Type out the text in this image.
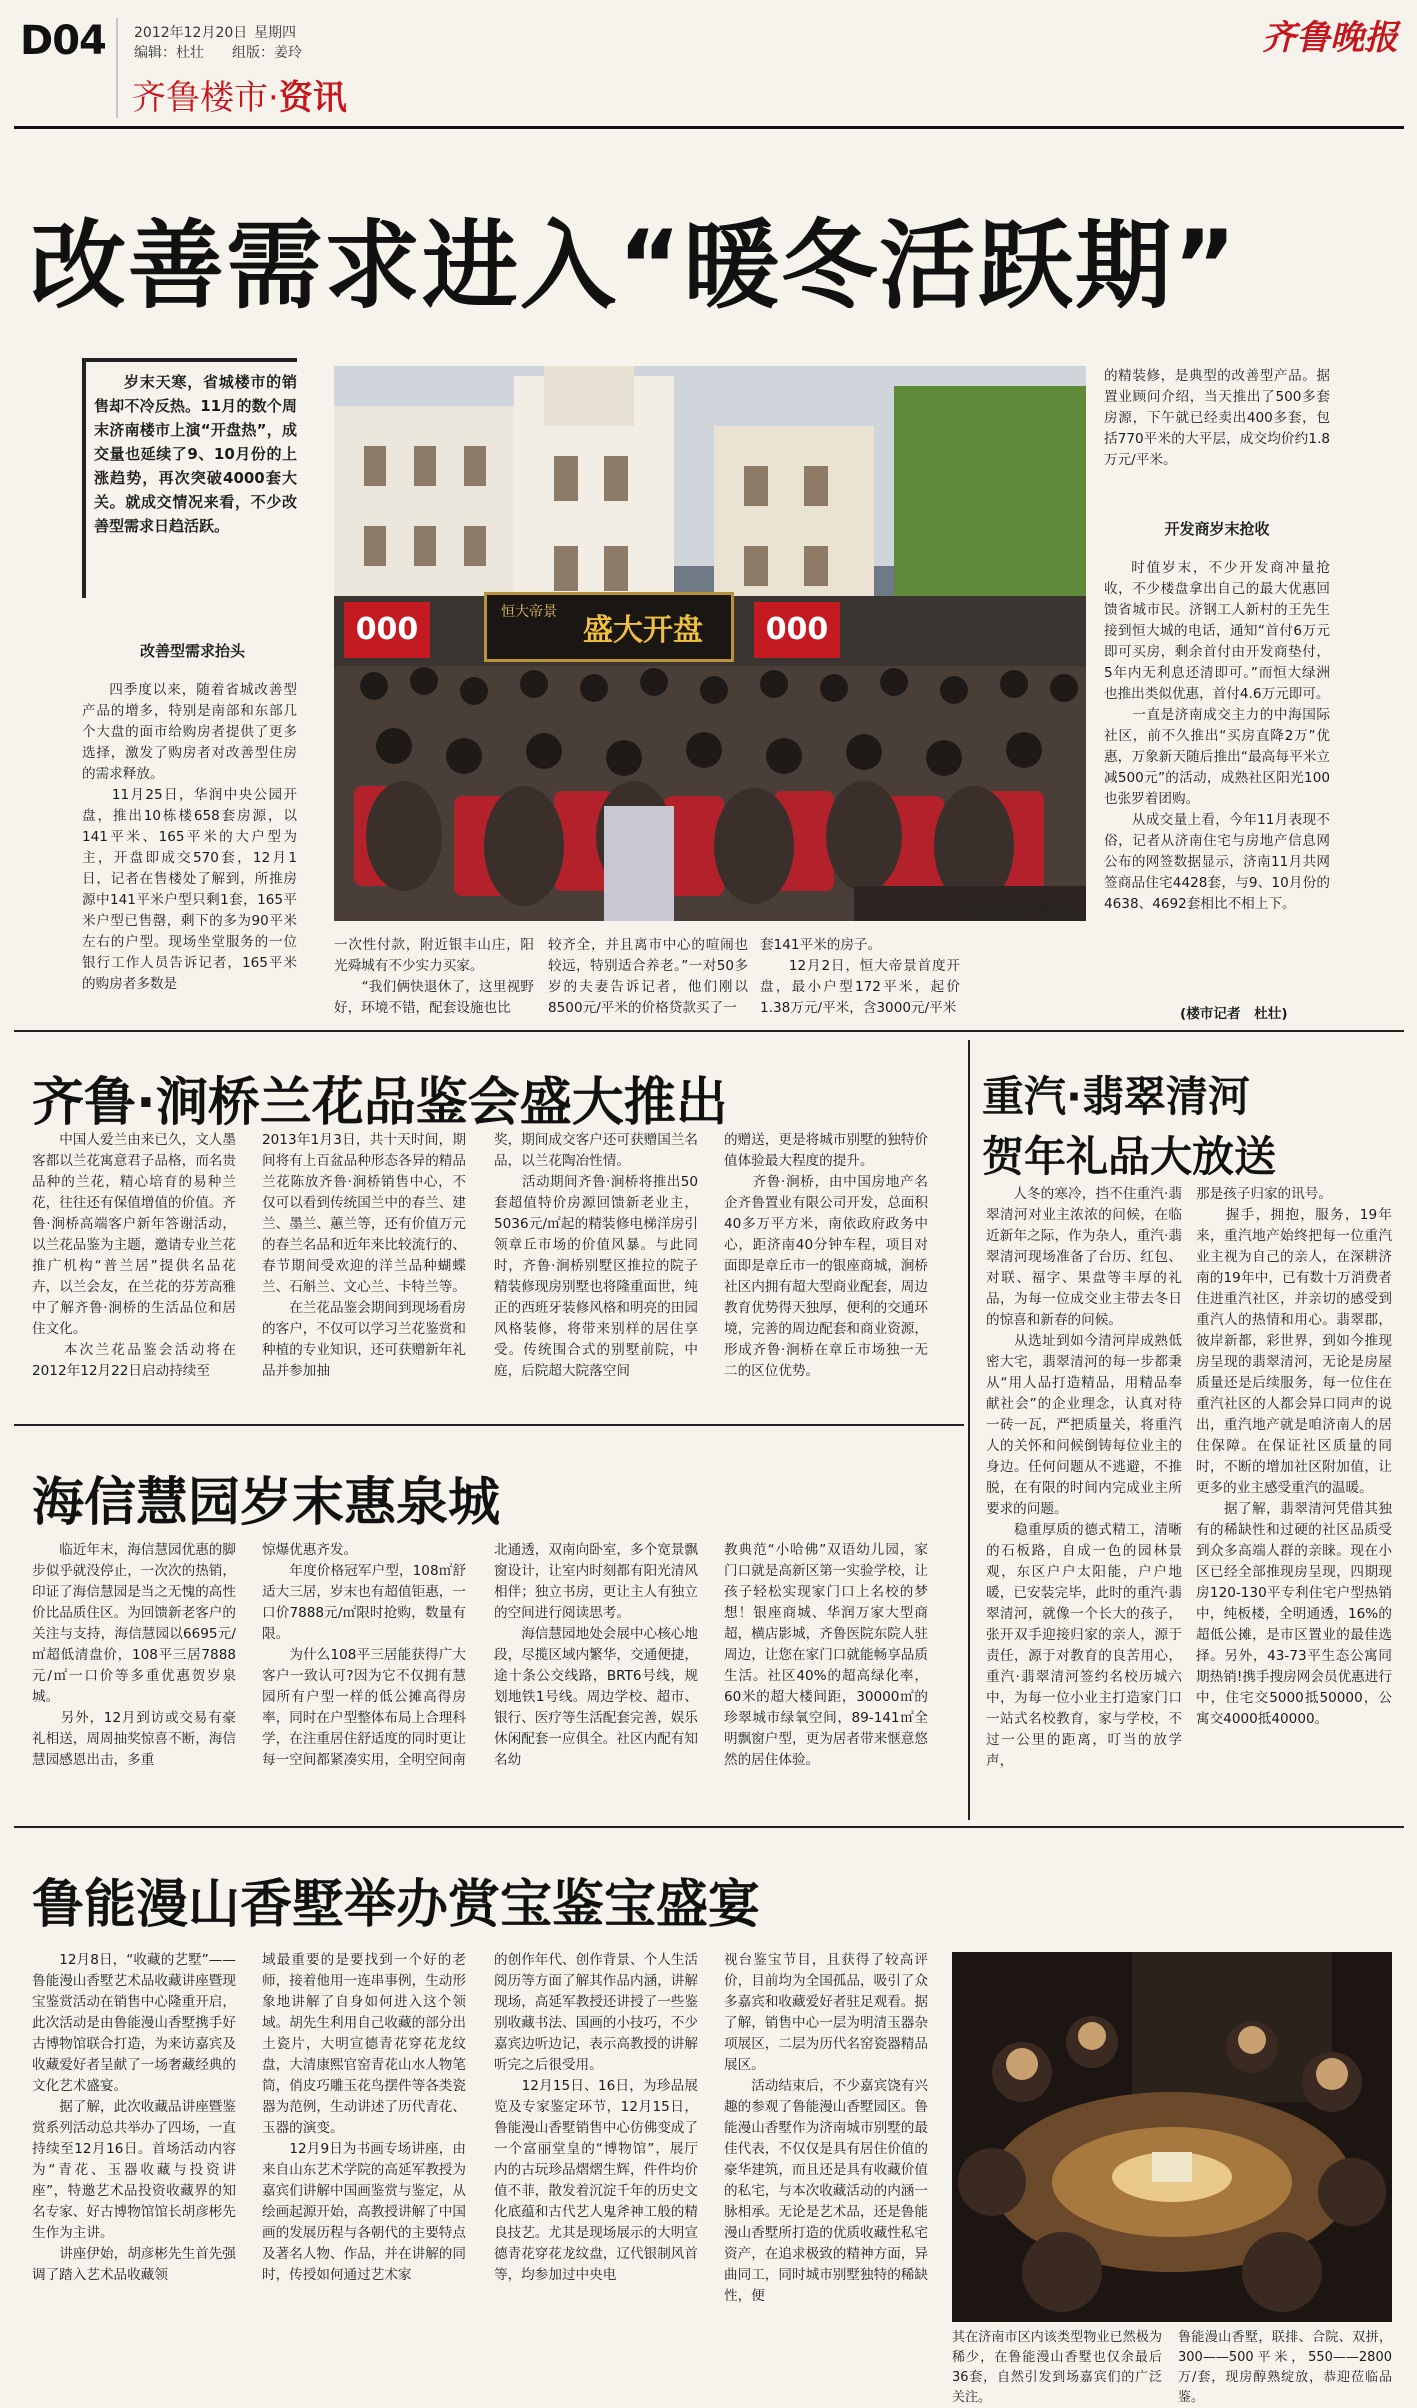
D04 2012年12月20日 星期四
编辑：杜壮 组版：姜玲
齐鲁楼市·资讯
齐鲁晚报
改善需求进入“暖冬活跃期”
岁末天寒，省城楼市的销售却不冷反热。11月的数个周末济南楼市上演“开盘热”，成交量也延续了9、10月份的上涨趋势，再次突破4000套大关。就成交情况来看，不少改善型需求日趋活跃。
改善型需求抬头
四季度以来，随着省城改善型产品的增多，特别是南部和东部几个大盘的面市给购房者提供了更多选择，激发了购房者对改善型住房的需求释放。
　　11月25日，华润中央公园开盘，推出10栋楼658套房源，以141平米、165平米的大户型为主，开盘即成交570套，12月1日，记者在售楼处了解到，所推房源中141平米户型只剩1套，165平米户型已售罄，剩下的多为90平米左右的户型。现场坐堂服务的一位银行工作人员告诉记者，165平米的购房者多数是
一次性付款，附近银丰山庄，阳光舜城有不少实力买家。
　　“我们俩快退休了，这里视野好，环境不错，配套设施也比
较齐全，并且离市中心的喧闹也较远，特别适合养老。”一对50多岁的夫妻告诉记者，他们刚以8500元/平米的价格贷款买了一
套141平米的房子。
　　12月2日，恒大帝景首度开盘，最小户型172平米，起价1.38万元/平米，含3000元/平米
000	恒大帝景
盛大开盘	000
恒大帝景开盘现场
的精装修，是典型的改善型产品。据置业顾问介绍，当天推出了500多套房源，下午就已经卖出400多套，包括770平米的大平层，成交均价约1.8万元/平米。
开发商岁末抢收
时值岁末，不少开发商冲量抢收，不少楼盘拿出自己的最大优惠回馈省城市民。济钢工人新村的王先生接到恒大城的电话，通知“首付6万元即可买房，剩余首付由开发商垫付，5年内无利息还清即可。”而恒大绿洲也推出类似优惠，首付4.6万元即可。
　　一直是济南成交主力的中海国际社区，前不久推出“买房直降2万”优惠，万象新天随后推出“最高每平米立减500元”的活动，成熟社区阳光100也张罗着团购。
　　从成交量上看，今年11月表现不俗，记者从济南住宅与房地产信息网公布的网签数据显示，济南11月共网签商品住宅4428套，与9、10月份的4638、4692套相比不相上下。
(楼市记者　杜壮)
齐鲁·涧桥兰花品鉴会盛大推出
中国人爱兰由来已久，文人墨客都以兰花寓意君子品格，而名贵品种的兰花，精心培育的易种兰花，往往还有保值增值的价值。齐鲁·涧桥高端客户新年答谢活动，以兰花品鉴为主题，邀请专业兰花推广机构“普兰居”提供名品花卉，以兰会友，在兰花的芬芳高雅中了解齐鲁·涧桥的生活品位和居住文化。
　　本次兰花品鉴会活动将在2012年12月22日启动持续至
2013年1月3日，共十天时间，期间将有上百盆品种形态各异的精品兰花陈放齐鲁·涧桥销售中心，不仅可以看到传统国兰中的春兰、建兰、墨兰、蕙兰等，还有价值万元的春兰名品和近年来比较流行的、春节期间受欢迎的洋兰品种蝴蝶兰、石斛兰、文心兰、卡特兰等。
　　在兰花品鉴会期间到现场看房的客户，不仅可以学习兰花鉴赏和种植的专业知识，还可获赠新年礼品并参加抽
奖，期间成交客户还可获赠国兰名品，以兰花陶冶性情。
　　活动期间齐鲁·涧桥将推出50套超值特价房源回馈新老业主，5036元/㎡起的精装修电梯洋房引领章丘市场的价值风暴。与此同时，齐鲁·涧桥别墅区推拉的院子精装修现房别墅也将隆重面世，纯正的西班牙装修风格和明亮的田园风格装修，将带来别样的居住享受。传统围合式的别墅前院，中庭，后院超大院落空间
的赠送，更是将城市别墅的独特价值体验最大程度的提升。
　　齐鲁·涧桥，由中国房地产名企齐鲁置业有限公司开发，总面积40多万平方米，南依政府政务中心，距济南40分钟车程，项目对面即是章丘市一的银座商城，涧桥社区内拥有超大型商业配套，周边教育优势得天独厚，便利的交通环境，完善的周边配套和商业资源，形成齐鲁·涧桥在章丘市场独一无二的区位优势。
重汽·翡翠清河
贺年礼品大放送
人冬的寒冷，挡不住重汽·翡翠清河对业主浓浓的问候，在临近新年之际，作为杂人，重汽·翡翠清河现场准备了台历、红包、对联、福字、果盘等丰厚的礼品，为每一位成交业主带去冬日的惊喜和新春的问候。
　　从选址到如今清河岸成熟低密大宅，翡翠清河的每一步都秉从“用人品打造精品，用精品奉献社会”的企业理念，认真对待一砖一瓦，严把质量关，将重汽人的关怀和问候倒铸每位业主的身边。任何问题从不逃避，不推脱，在有限的时间内完成业主所要求的问题。
　　稳重厚质的德式精工，清晰的石板路，自成一色的园林景观，东区户户太阳能，户户地暖，已安装完毕，此时的重汽·翡翠清河，就像一个长大的孩子，张开双手迎接归家的亲人，源于责任，源于对教育的良苦用心，重汽·翡翠清河签约名校历城六中，为每一位小业主打造家门口一站式名校教育，家与学校，不过一公里的距离，叮当的放学声，
那是孩子归家的讯号。
　　握手，拥抱，服务，19年来，重汽地产始终把每一位重汽业主视为自己的亲人，在深耕济南的19年中，已有数十万消费者住进重汽社区，并亲切的感受到重汽人的热情和用心。翡翠郡，彼岸新都，彩世界，到如今推现房呈现的翡翠清河，无论是房屋质量还是后续服务，每一位住在重汽社区的人都会异口同声的说出，重汽地产就是咱济南人的居住保障。在保证社区质量的同时，不断的增加社区附加值，让更多的业主感受重汽的温暖。
　　据了解，翡翠清河凭借其独有的稀缺性和过硬的社区品质受到众多高端人群的亲睐。现在小区已经全部推现房呈现，四期现房120-130平专利住宅户型热销中，纯板楼，全明通透，16%的超低公摊，是市区置业的最佳选择。另外，43-73平生态公寓同期热销!携手搜房网会员优惠进行中，住宅交5000抵50000，公寓交4000抵40000。
海信慧园岁末惠泉城
临近年末，海信慧园优惠的脚步似乎就没停止，一次次的热销，印证了海信慧园是当之无愧的高性价比品质住区。为回馈新老客户的关注与支持，海信慧园以6695元/㎡超低清盘价，108平三居7888元/㎡一口价等多重优惠贺岁泉城。
　　另外，12月到访或交易有豪礼相送，周周抽奖惊喜不断，海信慧园感恩出击，多重
惊爆优惠齐发。
　　年度价格冠军户型，108㎡舒适大三居，岁末也有超值钜惠，一口价7888元/㎡限时抢购，数量有限。
　　为什么108平三居能获得广大客户一致认可?因为它不仅拥有慧园所有户型一样的低公摊高得房率，同时在户型整体布局上合理科学，在注重居住舒适度的同时更让每一空间都紧凑实用，全明空间南
北通透，双南向卧室，多个宽景飘窗设计，让室内时刻都有阳光清风相伴；独立书房，更让主人有独立的空间进行阅读思考。
　　海信慧园地处会展中心核心地段，尽揽区域内繁华，交通便捷，途十条公交线路，BRT6号线，规划地铁1号线。周边学校、超市、银行、医疗等生活配套完善，娱乐休闲配套一应俱全。社区内配有知名幼
教典范“小哈佛”双语幼儿园，家门口就是高新区第一实验学校，让孩子轻松实现家门口上名校的梦想！银座商城、华润万家大型商超，横店影城，齐鲁医院东院人驻周边，让您在家门口就能畅享品质生活。社区40%的超高绿化率，60米的超大楼间距，30000㎡的珍翠城市绿氧空间，89-141㎡全明飘窗户型，更为居者带来惬意悠然的居住体验。
鲁能漫山香墅举办赏宝鉴宝盛宴
12月8日，“收藏的艺墅”——鲁能漫山香墅艺术品收藏讲座暨现宝鉴赏活动在销售中心隆重开启，此次活动是由鲁能漫山香墅携手好古博物馆联合打造，为来访嘉宾及收藏爱好者呈献了一场奢藏经典的文化艺术盛宴。
　　据了解，此次收藏品讲座暨鉴赏系列活动总共举办了四场，一直持续至12月16日。首场活动内容为“青花、玉器收藏与投资讲座”，特邀艺术品投资收藏界的知名专家、好古博物馆馆长胡彦彬先生作为主讲。
　　讲座伊始，胡彦彬先生首先强调了踏入艺术品收藏领
域最重要的是要找到一个好的老师，接着他用一连串事例，生动形象地讲解了自身如何进入这个领域。胡先生利用自己收藏的部分出土瓷片，大明宣德青花穿花龙纹盘，大清康熙官窑青花山水人物笔筒，俏皮巧雕玉花鸟摆件等各类瓷器为范例，生动讲述了历代青花、玉器的演变。
　　12月9日为书画专场讲座，由来自山东艺术学院的高延军教授为嘉宾们讲解中国画鉴赏与鉴定，从绘画起源开始，高教授讲解了中国画的发展历程与各朝代的主要特点及著名人物、作品，并在讲解的同时，传授如何通过艺术家
的创作年代、创作背景、个人生活阅历等方面了解其作品内涵，讲解现场，高延军教授还讲授了一些鉴别收藏书法、国画的小技巧，不少嘉宾边听边记，表示高教授的讲解听完之后很受用。
　　12月15日、16日，为珍品展览及专家鉴定环节，12月15日，鲁能漫山香墅销售中心仿佛变成了一个富丽堂皇的“博物馆”，展厅内的古玩珍品熠熠生辉，件件均价值不菲，散发着沉淀千年的历史文化底蕴和古代艺人鬼斧神工般的精良技艺。尤其是现场展示的大明宣德青花穿花龙纹盘，辽代银制风首等，均参加过中央电
视台鉴宝节目，且获得了较高评价，目前均为全国孤品，吸引了众多嘉宾和收藏爱好者驻足观看。据了解，销售中心一层为明清玉器杂项展区，二层为历代名窑瓷器精品展区。
　　活动结束后，不少嘉宾饶有兴趣的参观了鲁能漫山香墅园区。鲁能漫山香墅作为济南城市别墅的最佳代表，不仅仅是具有居住价值的豪华建筑，而且还是具有收藏价值的私宅，与本次收藏活动的内涵一脉相承。无论是艺术品，还是鲁能漫山香墅所打造的优质收藏性私宅资产，在追求极致的精神方面，异曲同工，同时城市别墅独特的稀缺性，便
其在济南市区内该类型物业已然极为稀少，在鲁能漫山香墅也仅余最后36套，自然引发到场嘉宾们的广泛关注。
鲁能漫山香墅，联排、合院、双拼，300——500平米，550——2800万/套，现房醇熟绽放，恭迎莅临品鉴。
